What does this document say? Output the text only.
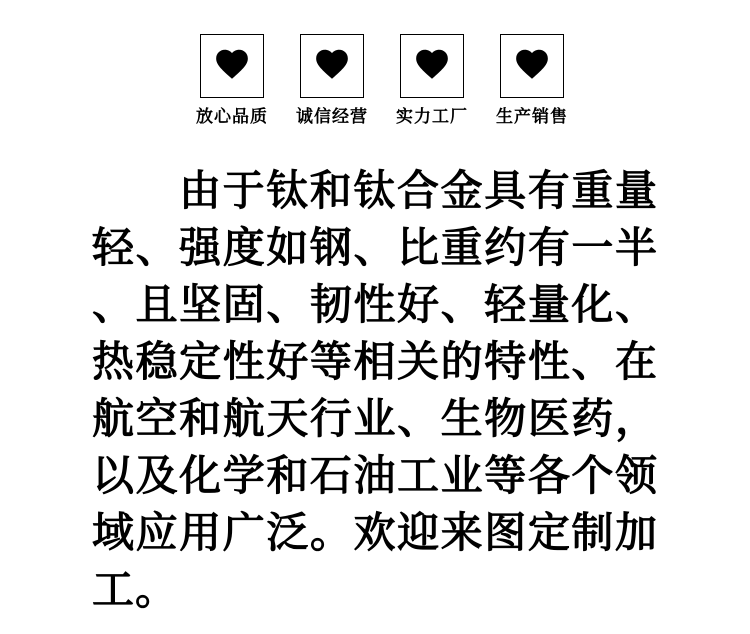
放心品质 诚信经营 实力工厂 生产销售
由于钛和钛合金具有重量
轻、强度如钢、比重约有一半
、且坚固、韧性好、轻量化、
热稳定性好等相关的特性、在
航空和航天行业、生物医药，
以及化学和石油工业等各个领
域应用广泛。欢迎来图定制加
工。
